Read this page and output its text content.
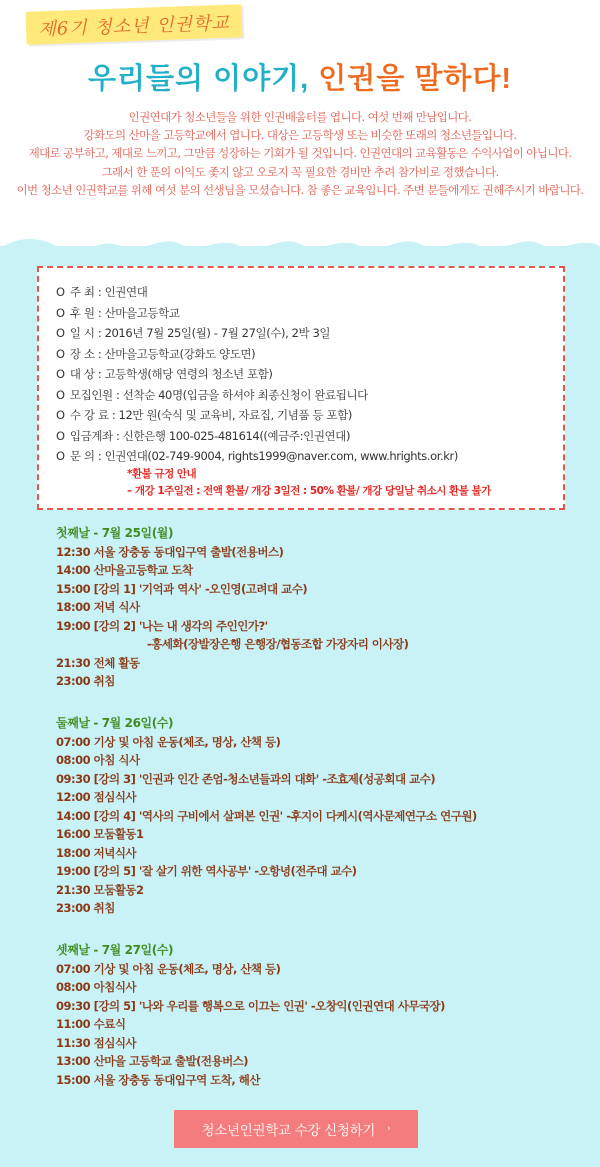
제6기 청소년 인권학교
우리들의 이야기, 인권을 말하다!

인권연대가 청소년들을 위한 인권배움터를 엽니다. 여섯 번째 만남입니다.

강화도의 산마을 고등학교에서 엽니다. 대상은 고등학생 또는 비슷한 또래의 청소년들입니다.

제대로 공부하고, 제대로 느끼고, 그만큼 성장하는 기회가 될 것입니다. 인권연대의 교육활동은 수익사업이 아닙니다.

그래서 한 푼의 이익도 좇지 않고 오로지 꼭 필요한 경비만 추려 참가비로 정했습니다.

이번 청소년 인권학교를 위해 여섯 분의 선생님을 모셨습니다. 참 좋은 교육입니다. 주변 분들에게도 권해주시기 바랍니다.

O 주 최 : 인권연대
O 후 원 : 산마을고등학교
O 일 시 : 2016년 7월 25일(월) - 7월 27일(수), 2박 3일
O 장 소 : 산마을고등학교(강화도 양도면)
O 대 상 : 고등학생(해당 연령의 청소년 포함)
O 모집인원 : 선착순 40명(입금을 하셔야 최종신청이 완료됩니다
O 수 강 료 : 12만 원(숙식 및 교육비, 자료집, 기념품 등 포함)
O 입금계좌 : 신한은행 100-025-481614((예금주:인권연대)
O 문 의 : 인권연대(02-749-9004, rights1999@naver.com, www.hrights.or.kr)
*환불 규정 안내
– 개강 1주일전 : 전액 환불/ 개강 3일전 : 50% 환불/ 개강 당일날 취소시 환불 불가
첫째날 - 7월 25일(월)
12:30 서울 장충동 동대입구역 출발(전용버스)
14:00 산마을고등학교 도착
15:00 [강의 1] '기억과 역사' -오인영(고려대 교수)
18:00 저녁 식사
19:00 [강의 2] '나는 내 생각의 주인인가?'
-홍세화(장발장은행 은행장/협동조합 가장자리 이사장)
21:30 전체 활동
23:00 취침
둘째날 - 7월 26일(수)
07:00 기상 및 아침 운동(체조, 명상, 산책 등)
08:00 아침 식사
09:30 [강의 3] '인권과 인간 존엄-청소년들과의 대화' -조효제(성공회대 교수)
12:00 점심식사
14:00 [강의 4] '역사의 구비에서 살펴본 인권' -후지이 다케시(역사문제연구소 연구원)
16:00 모둠활동1
18:00 저녁식사
19:00 [강의 5] '잘 살기 위한 역사공부' -오항녕(전주대 교수)
21:30 모둠활동2
23:00 취침
셋째날 - 7월 27일(수)
07:00 기상 및 아침 운동(체조, 명상, 산책 등)
08:00 아침식사
09:30 [강의 5] '나와 우리를 행복으로 이끄는 인권' -오창익(인권연대 사무국장)
11:00 수료식
11:30 점심식사
13:00 산마을 고등학교 출발(전용버스)
15:00 서울 장충동 동대입구역 도착, 해산
청소년인권학교 수강 신청하기 ›
